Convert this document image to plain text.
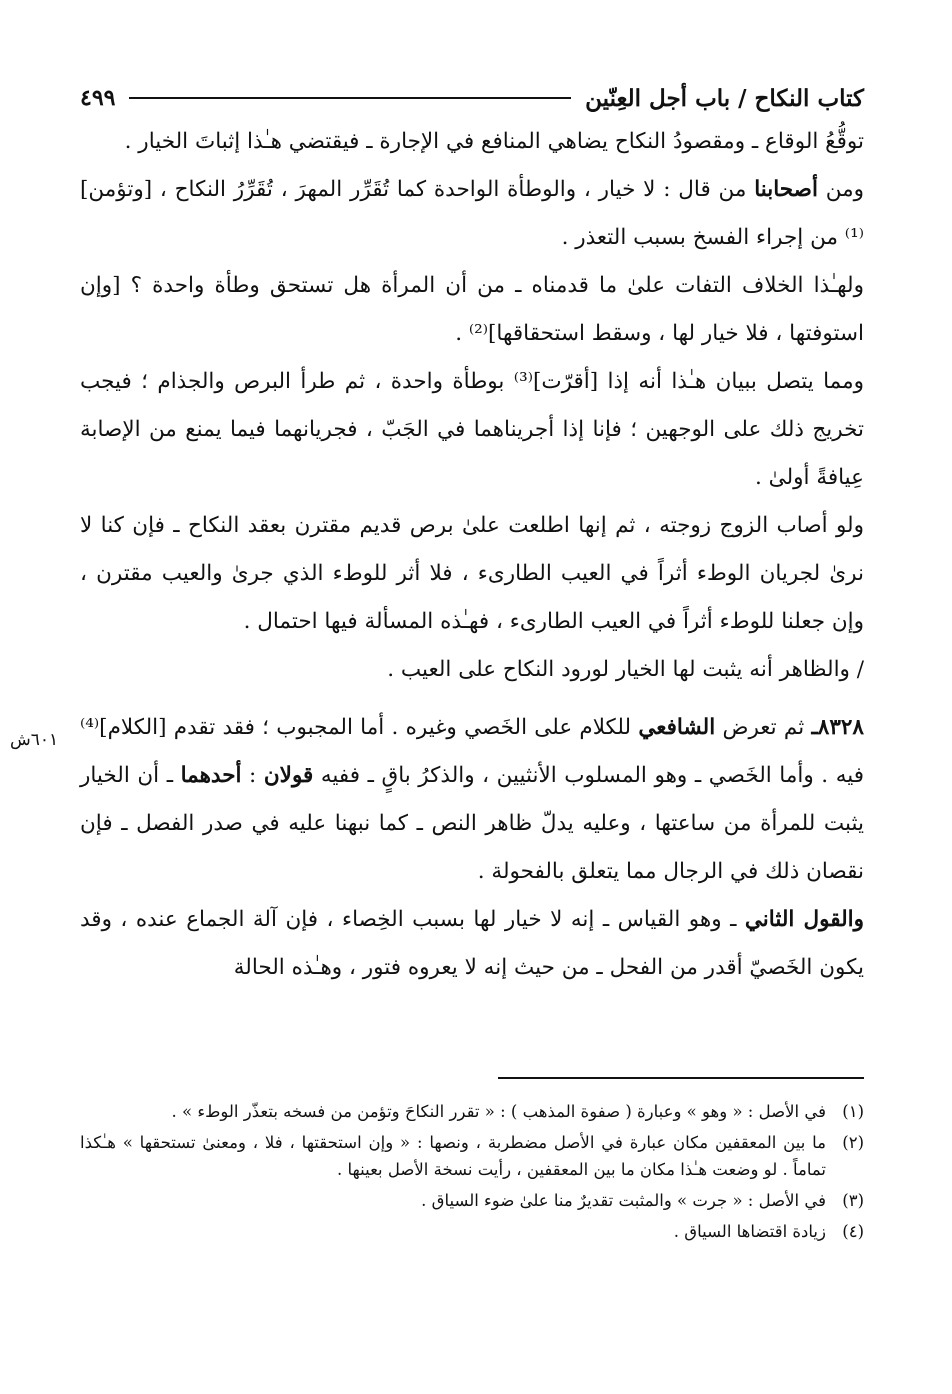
كتاب النكاح / باب أجل العِنّين
٤٩٩

توقُّعُ الوقاع ـ ومقصودُ النكاح يضاهي المنافع في الإجارة ـ فيقتضي هـٰذا إثباتَ الخيار .

ومن أصحابنا من قال : لا خيار ، والوطأة الواحدة كما تُقَرِّر المهرَ ، تُقَرِّرُ النكاح ، [وتؤمن]⁽¹⁾ من إجراء الفسخ بسبب التعذر .

ولهـٰذا الخلاف التفات علىٰ ما قدمناه ـ من أن المرأة هل تستحق وطأة واحدة ؟ [وإن استوفتها ، فلا خيار لها ، وسقط استحقاقها]⁽²⁾ .

ومما يتصل ببيان هـٰذا أنه إذا [أقرّت]⁽³⁾ بوطأة واحدة ، ثم طرأ البرص والجذام ؛ فيجب تخريج ذلك على الوجهين ؛ فإنا إذا أجريناهما في الجَبّ ، فجريانهما فيما يمنع من الإصابة عِيافةً أولىٰ .

ولو أصاب الزوج زوجته ، ثم إنها اطلعت علىٰ برص قديم مقترن بعقد النكاح ـ فإن كنا لا نرىٰ لجريان الوطء أثراً في العيب الطارىء ، فلا أثر للوطء الذي جرىٰ والعيب مقترن ، وإن جعلنا للوطء أثراً في العيب الطارىء ، فهـٰذه المسألة فيها احتمال .

/ والظاهر أنه يثبت لها الخيار لورود النكاح على العيب .

٨٣٢٨ـ ثم تعرض الشافعي للكلام على الخَصي وغيره . أما المجبوب ؛ فقد تقدم [الكلام]⁽⁴⁾ فيه . وأما الخَصي ـ وهو المسلوب الأنثيين ، والذكرُ باقٍ ـ ففيه قولان : أحدهما ـ أن الخيار يثبت للمرأة من ساعتها ، وعليه يدلّ ظاهر النص ـ كما نبهنا عليه في صدر الفصل ـ فإن نقصان ذلك في الرجال مما يتعلق بالفحولة .

والقول الثاني ـ وهو القياس ـ إنه لا خيار لها بسبب الخِصاء ، فإن آلة الجماع عنده ، وقد يكون الخَصيّ أقدر من الفحل ـ من حيث إنه لا يعروه فتور ، وهـٰذه الحالة

٦٠١ش
(١)
في الأصل : « وهو » وعبارة ( صفوة المذهب ) : « تقرر النكاحَ وتؤمن من فسخه بتعذّر الوطء » .
(٢)
ما بين المعقفين مكان عبارة في الأصل مضطربة ، ونصها : « وإن استحقتها ، فلا ، ومعنىٰ تستحقها » هـٰكذا تماماً . لو وضعت هـٰذا مكان ما بين المعقفين ، رأيت نسخة الأصل بعينها .
(٣)
في الأصل : « جرت » والمثبت تقديرٌ منا علىٰ ضوء السياق .
(٤)
زيادة اقتضاها السياق .
